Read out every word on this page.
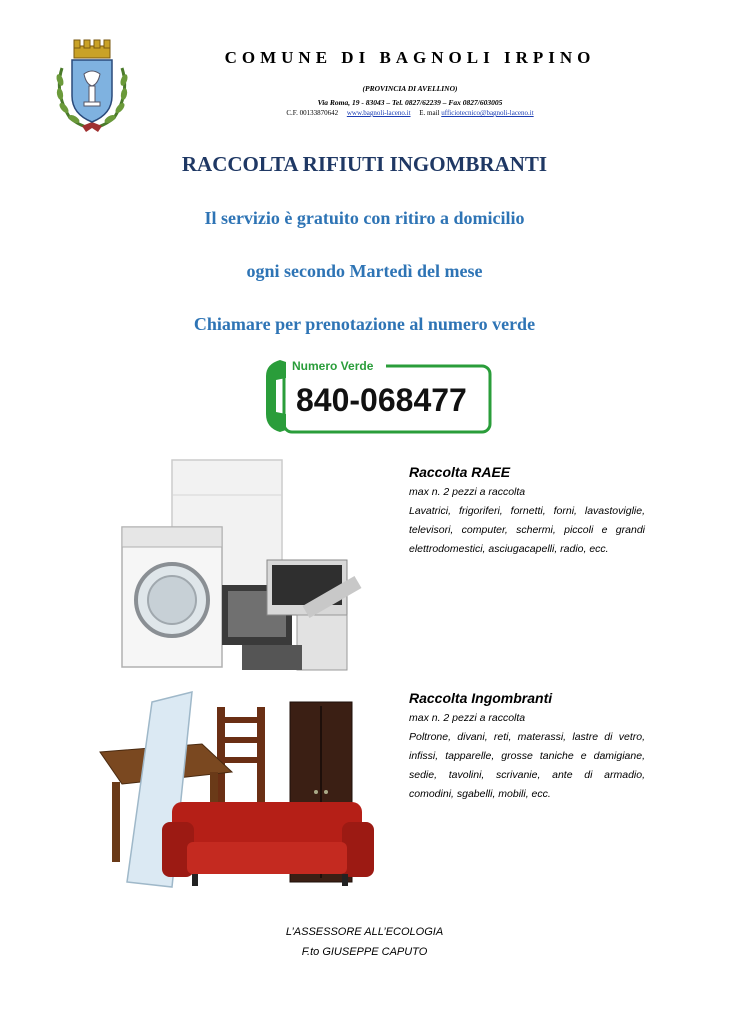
COMUNE DI BAGNOLI IRPINO
(PROVINCIA DI AVELLINO)
Via Roma, 19 - 83043 – Tel. 0827/62239 – Fax 0827/603005
C.F. 00133870642 www.bagnoli-laceno.it E. mail ufficiotecnico@bagnoli-laceno.it
RACCOLTA RIFIUTI INGOMBRANTI
Il servizio è gratuito con ritiro a domicilio
ogni secondo Martedì del mese
Chiamare per prenotazione al numero verde
Numero Verde
840-068477
Raccolta RAEE
max n. 2 pezzi a raccolta
Lavatrici, frigoriferi, fornetti, forni, lavastoviglie, televisori, computer, schermi, piccoli e grandi elettrodomestici, asciugacapelli, radio, ecc.
Raccolta Ingombranti
max n. 2 pezzi a raccolta
Poltrone, divani, reti, materassi, lastre di vetro, infissi, tapparelle, grosse taniche e damigiane, sedie, tavolini, scrivanie, ante di armadio, comodini, sgabelli, mobili, ecc.
L’ASSESSORE ALL’ECOLOGIA
F.to GIUSEPPE CAPUTO
